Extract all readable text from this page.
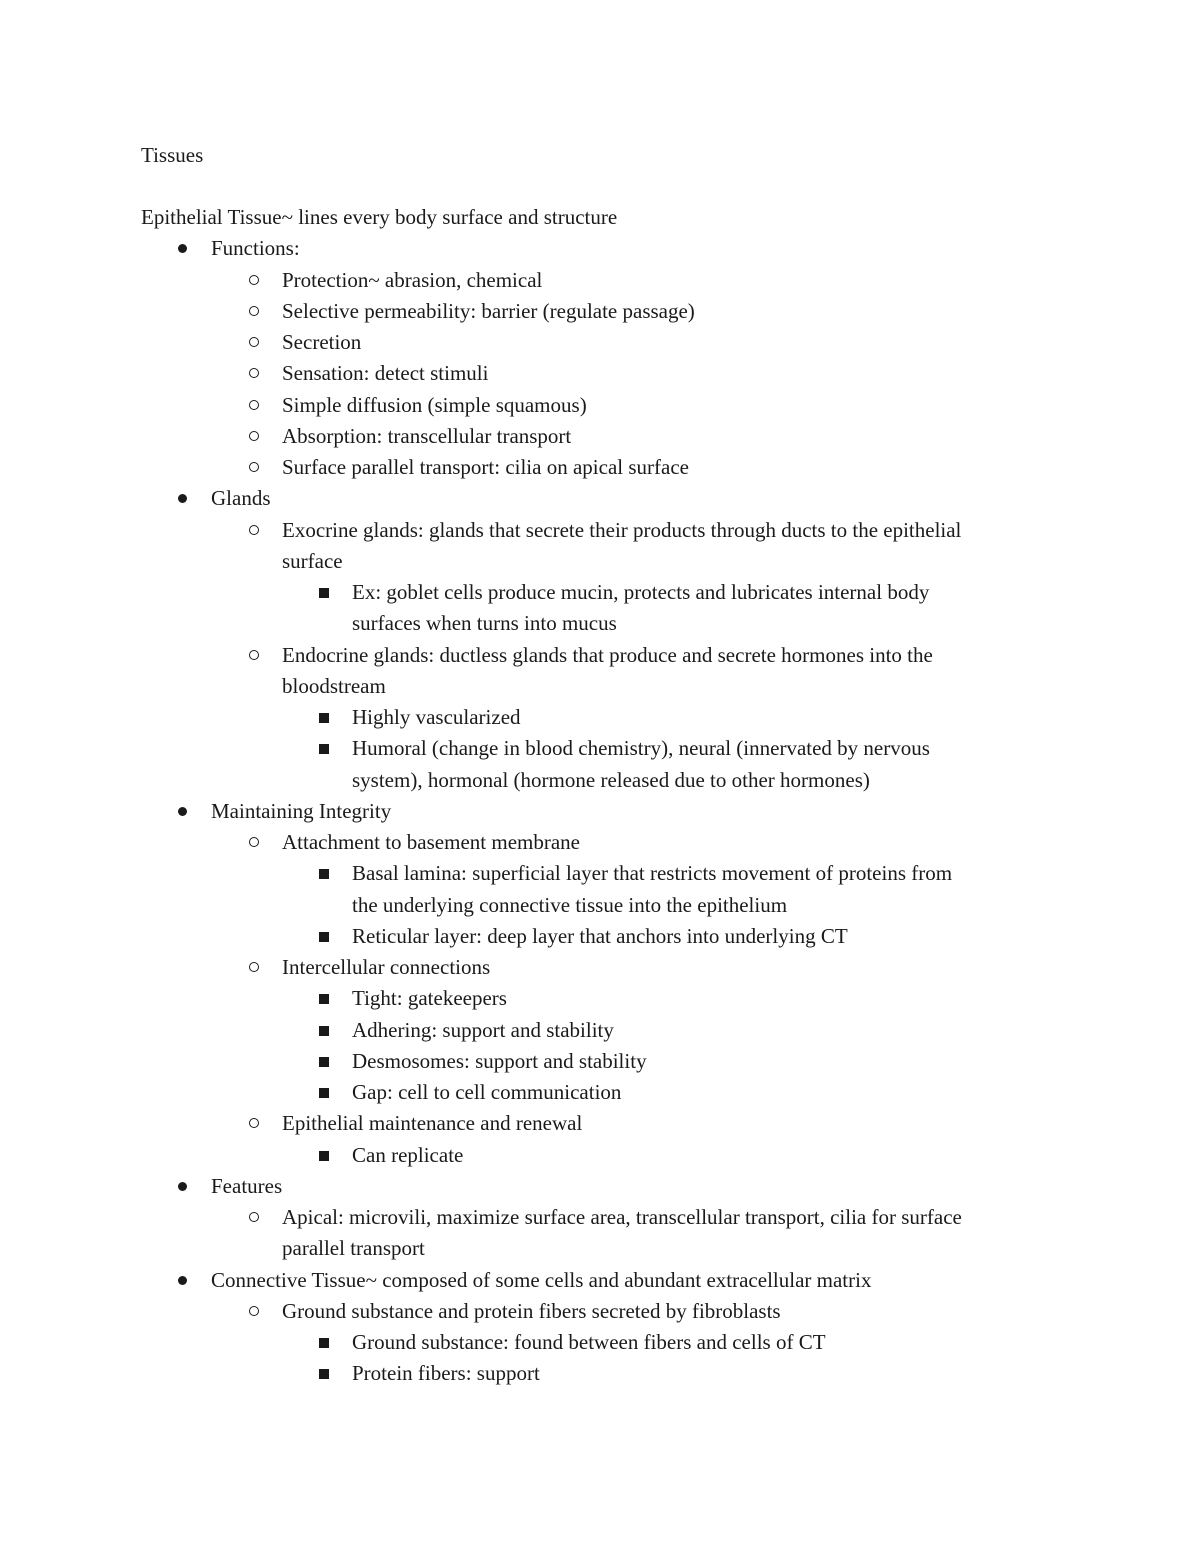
Tissues
Epithelial Tissue~ lines every body surface and structure
Functions:
Protection~ abrasion, chemical
Selective permeability: barrier (regulate passage)
Secretion
Sensation: detect stimuli
Simple diffusion (simple squamous)
Absorption: transcellular transport
Surface parallel transport: cilia on apical surface
Glands
Exocrine glands: glands that secrete their products through ducts to the epithelial
surface
Ex: goblet cells produce mucin, protects and lubricates internal body
surfaces when turns into mucus
Endocrine glands: ductless glands that produce and secrete hormones into the
bloodstream
Highly vascularized
Humoral (change in blood chemistry), neural (innervated by nervous
system), hormonal (hormone released due to other hormones)
Maintaining Integrity
Attachment to basement membrane
Basal lamina: superficial layer that restricts movement of proteins from
the underlying connective tissue into the epithelium
Reticular layer: deep layer that anchors into underlying CT
Intercellular connections
Tight: gatekeepers
Adhering: support and stability
Desmosomes: support and stability
Gap: cell to cell communication
Epithelial maintenance and renewal
Can replicate
Features
Apical: microvili, maximize surface area, transcellular transport, cilia for surface
parallel transport
Connective Tissue~ composed of some cells and abundant extracellular matrix
Ground substance and protein fibers secreted by fibroblasts
Ground substance: found between fibers and cells of CT
Protein fibers: support
